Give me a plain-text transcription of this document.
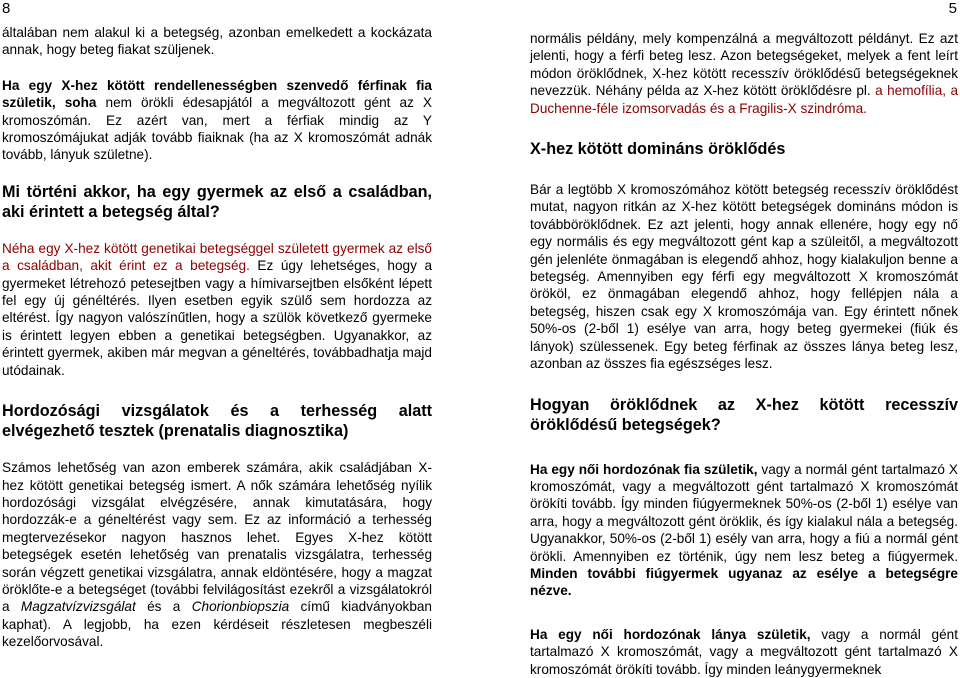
8	5

általában nem alakul ki a betegség, azonban emelkedett a kockázata annak, hogy beteg fiakat szüljenek.

Ha egy X-hez kötött rendellenességben szenvedő férfinak fia születik, soha nem örökli édesapjától a megváltozott gént az X kromoszómán. Ez azért van, mert a férfiak mindig az Y kromoszómájukat adják tovább fiaiknak (ha az X kromoszómát adnák tovább, lányuk születne).

Mi történi akkor, ha egy gyermek az első a családban, aki érintett a betegség által?

Néha egy X-hez kötött genetikai betegséggel született gyermek az első a családban, akit érint ez a betegség. Ez úgy lehetséges, hogy a gyermeket létrehozó petesejtben vagy a hímivarsejtben elsőként lépett fel egy új généltérés. Ilyen esetben egyik szülő sem hordozza az eltérést. Így nagyon valószínűtlen, hogy a szülök következő gyermeke is érintett legyen ebben a genetikai betegségben. Ugyanakkor, az érintett gyermek, akiben már megvan a géneltérés, továbbadhatja majd utódainak.

Hordozósági vizsgálatok és a terhesség alatt elvégezhető tesztek (prenatalis diagnosztika)

Számos lehetőség van azon emberek számára, akik családjában X-hez kötött genetikai betegség ismert. A nők számára lehetőség nyílik hordozósági vizsgálat elvégzésére, annak kimutatására, hogy hordozzák-e a géneltérést vagy sem. Ez az információ a terhesség megtervezésekor nagyon hasznos lehet. Egyes X-hez kötött betegségek esetén lehetőség van prenatalis vizsgálatra, terhesség során végzett genetikai vizsgálatra, annak eldöntésére, hogy a magzat öröklőte-e a betegséget (további felvilágosítást ezekről a vizsgálatokról a Magzatvízvizsgálat és a Chorionbiopszia című kiadványokban kaphat). A legjobb, ha ezen kérdéseit részletesen megbeszéli kezelőorvosával.

normális példány, mely kompenzálná a megváltozott példányt. Ez azt jelenti, hogy a férfi beteg lesz. Azon betegségeket, melyek a fent leírt módon öröklődnek, X-hez kötött recesszív öröklődésű betegségeknek nevezzük. Néhány példa az X-hez kötött öröklődésre pl. a hemofília, a Duchenne-féle izomsorvadás és a Fragilis-X szindróma.

X-hez kötött domináns öröklődés

Bár a legtöbb X kromoszómához kötött betegség recesszív öröklődést mutat, nagyon ritkán az X-hez kötött betegségek domináns módon is továbböröklődnek. Ez azt jelenti, hogy annak ellenére, hogy egy nő egy normális és egy megváltozott gént kap a szüleitől, a megváltozott gén jelenléte önmagában is elegendő ahhoz, hogy kialakuljon benne a betegség. Amennyiben egy férfi egy megváltozott X kromoszómát örököl, ez önmagában elegendő ahhoz, hogy fellépjen nála a betegség, hiszen csak egy X kromoszómája van. Egy érintett nőnek 50%-os (2-ből 1) esélye van arra, hogy beteg gyermekei (fiúk és lányok) szülessenek. Egy beteg férfinak az összes lánya beteg lesz, azonban az összes fia egészséges lesz.

Hogyan öröklődnek az X-hez kötött recesszív öröklődésű betegségek?

Ha egy női hordozónak fia születik, vagy a normál gént tartalmazó X kromoszómát, vagy a megváltozott gént tartalmazó X kromoszómát örökíti tovább. Így minden fiúgyermeknek 50%-os (2-ből 1) esélye van arra, hogy a megváltozott gént öröklik, és így kialakul nála a betegség. Ugyanakkor, 50%-os (2-ből 1) esély van arra, hogy a fiú a normál gént örökli. Amennyiben ez történik, úgy nem lesz beteg a fiúgyermek. Minden további fiúgyermek ugyanaz az esélye a betegségre nézve.

Ha egy női hordozónak lánya születik, vagy a normál gént tartalmazó X kromoszómát, vagy a megváltozott gént tartalmazó X kromoszómát örökíti tovább. Így minden leánygyermeknek
